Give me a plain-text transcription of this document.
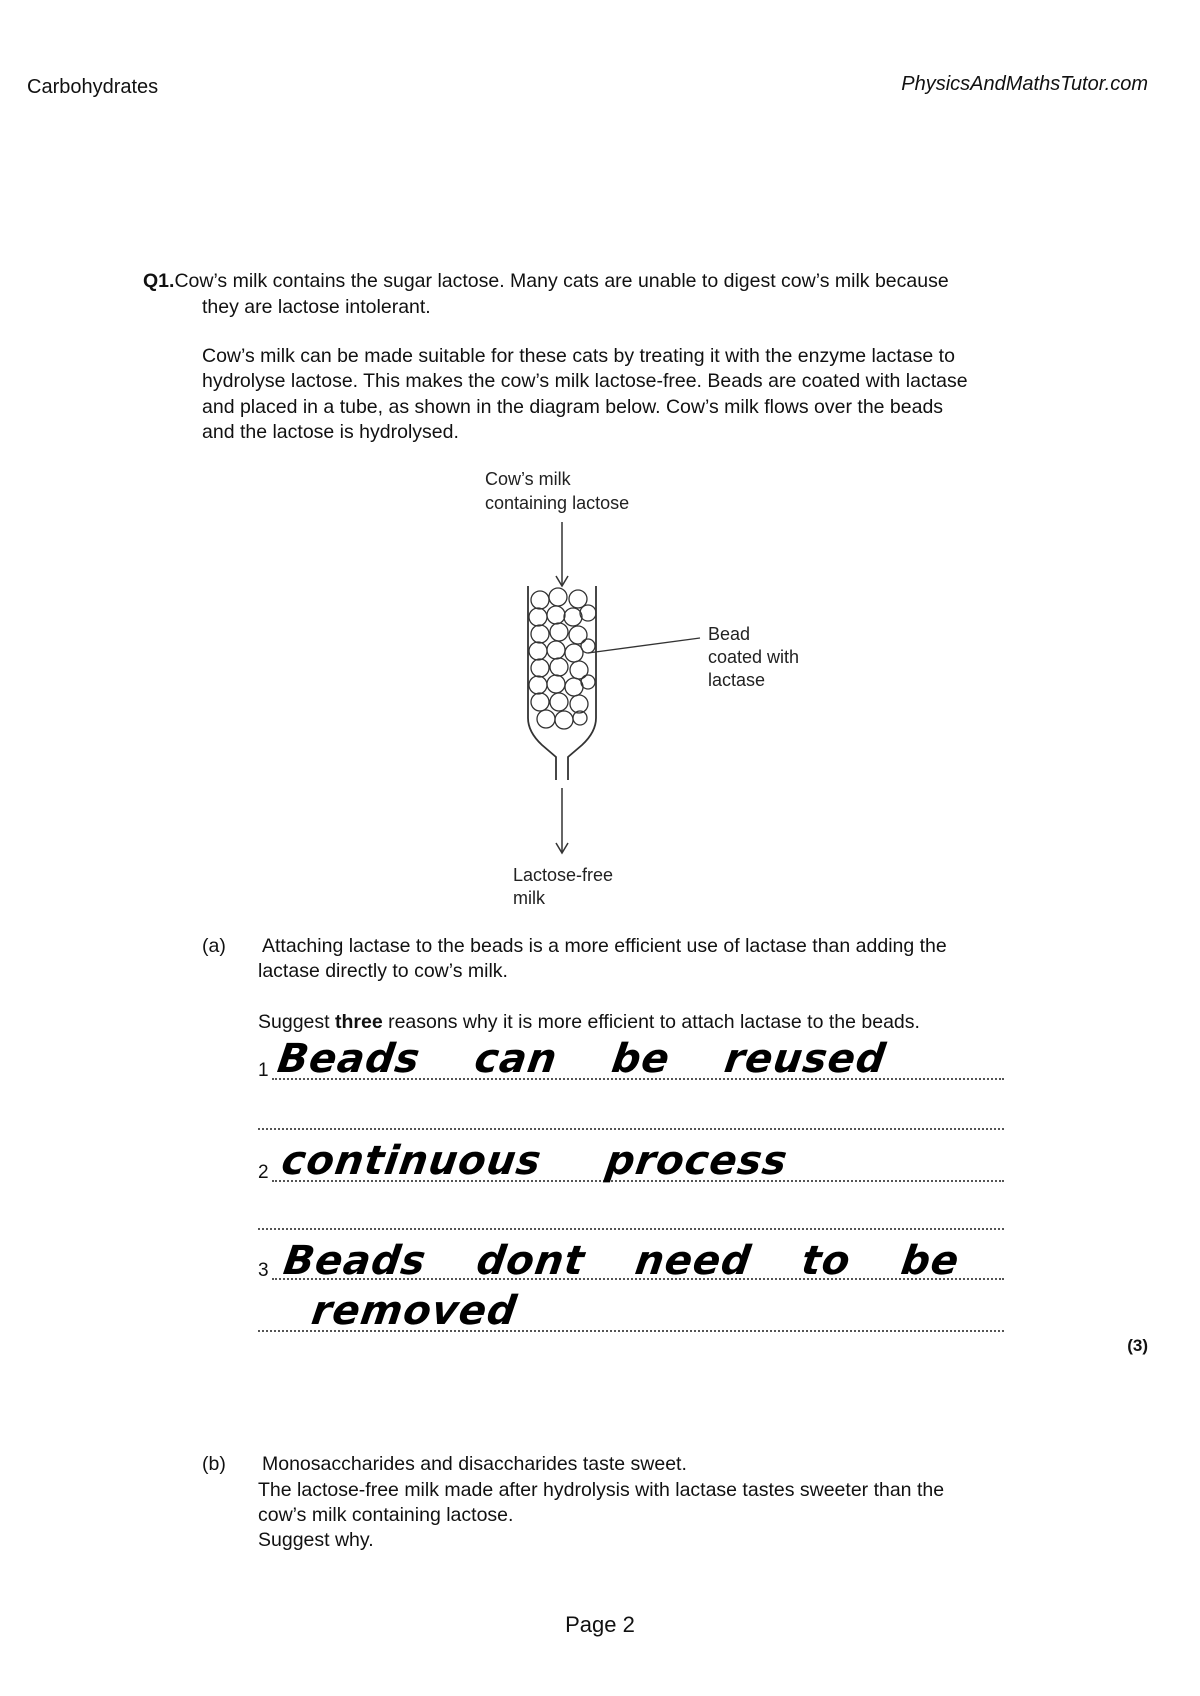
Carbohydrates	PhysicsAndMathsTutor.com
Q1.Cow’s milk contains the sugar lactose. Many cats are unable to digest cow’s milk because
they are lactose intolerant.
Cow’s milk can be made suitable for these cats by treating it with the enzyme lactase to
hydrolyse lactose. This makes the cow’s milk lactose-free. Beads are coated with lactase
and placed in a tube, as shown in the diagram below. Cow’s milk flows over the beads
and the lactose is hydrolysed.
Cow’s milk
containing lactose
Bead
coated with
lactase
Lactose-free
milk
(a) Attaching lactase to the beads is a more efficient use of lactase than adding the
lactase directly to cow’s milk.
Suggest three reasons why it is more efficient to attach lactase to the beads.
1
2
3
Beads can be reused
continuous process
Beads dont need to be
removed
(3)
(b) Monosaccharides and disaccharides taste sweet.
The lactose-free milk made after hydrolysis with lactase tastes sweeter than the
cow’s milk containing lactose.
Suggest why.
Page 2
